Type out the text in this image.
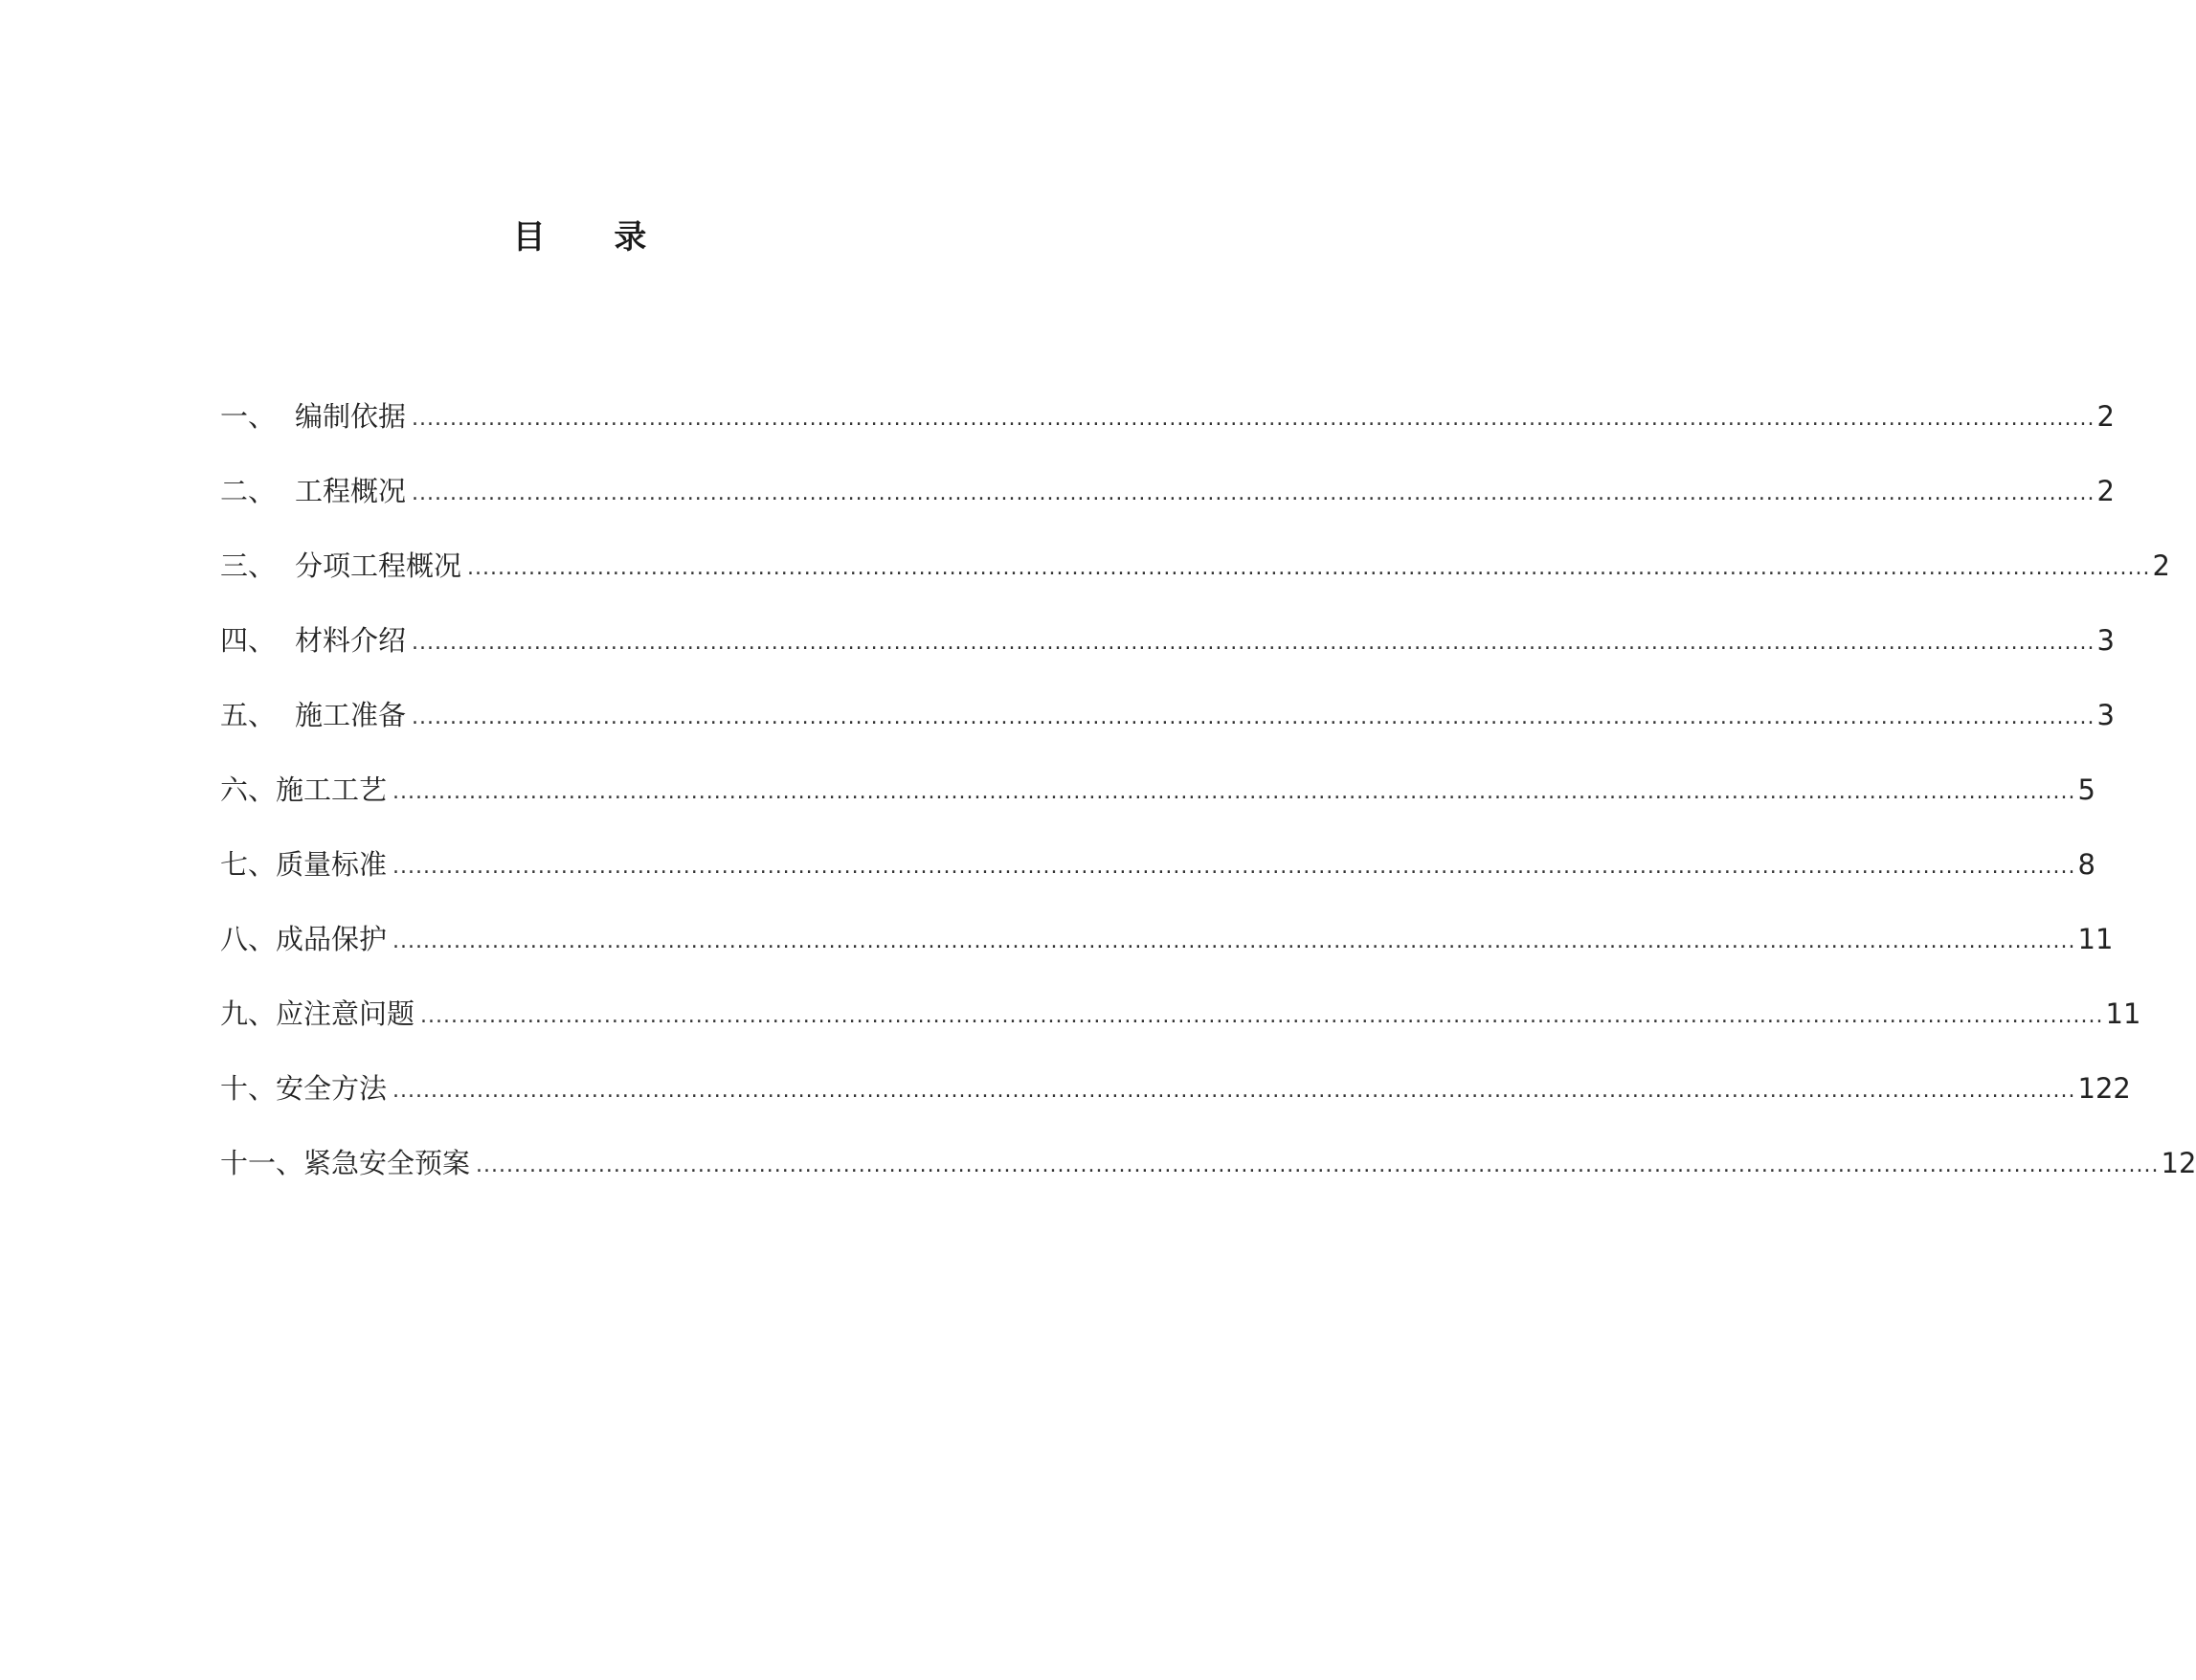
目 录
一、 编制依据 ............................................................................................................................................................................................................................ 2
二、 工程概况 ............................................................................................................................................................................................................................ 2
三、 分项工程概况 ............................................................................................................................................................................................................................ 2
四、 材料介绍 ............................................................................................................................................................................................................................ 3
五、 施工准备 ............................................................................................................................................................................................................................ 3
六、 施工工艺 ............................................................................................................................................................................................................................ 5
七、 质量标准 ............................................................................................................................................................................................................................ 8
八、 成品保护 ............................................................................................................................................................................................................................ 11
九、 应注意问题 ............................................................................................................................................................................................................................ 11
十、 安全方法 ............................................................................................................................................................................................................................ 122
十一、 紧急安全预案 ............................................................................................................................................................................................................................ 12
